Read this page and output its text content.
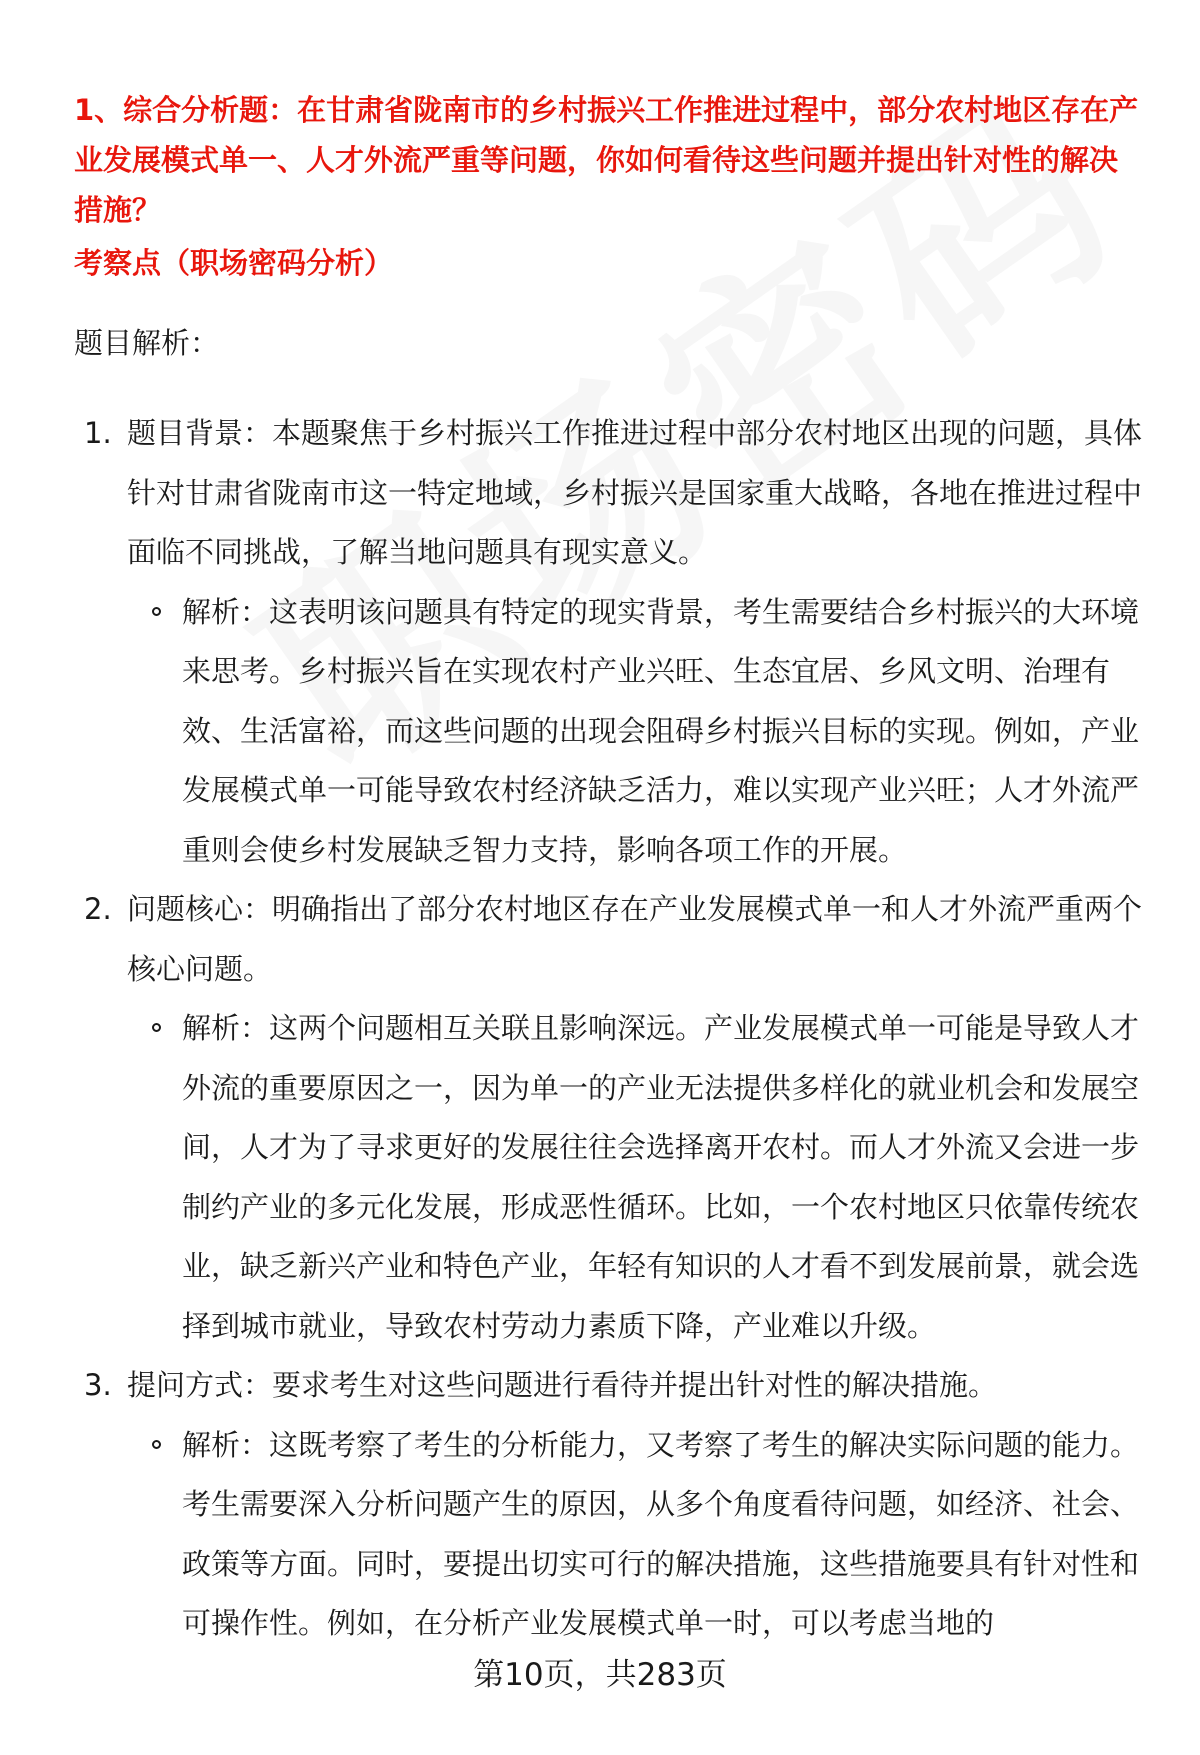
1、综合分析题：在甘肃省陇南市的乡村振兴工作推进过程中，部分农村地区存在产业发展模式单一、人才外流严重等问题，你如何看待这些问题并提出针对性的解决措施？
考察点（职场密码分析）
题目解析：
1. 题目背景：本题聚焦于乡村振兴工作推进过程中部分农村地区出现的问题，具体针对甘肃省陇南市这一特定地域，乡村振兴是国家重大战略，各地在推进过程中面临不同挑战，了解当地问题具有现实意义。
解析：这表明该问题具有特定的现实背景，考生需要结合乡村振兴的大环境来思考。乡村振兴旨在实现农村产业兴旺、生态宜居、乡风文明、治理有效、生活富裕，而这些问题的出现会阻碍乡村振兴目标的实现。例如，产业发展模式单一可能导致农村经济缺乏活力，难以实现产业兴旺；人才外流严重则会使乡村发展缺乏智力支持，影响各项工作的开展。
2. 问题核心：明确指出了部分农村地区存在产业发展模式单一和人才外流严重两个核心问题。
解析：这两个问题相互关联且影响深远。产业发展模式单一可能是导致人才外流的重要原因之一，因为单一的产业无法提供多样化的就业机会和发展空间，人才为了寻求更好的发展往往会选择离开农村。而人才外流又会进一步制约产业的多元化发展，形成恶性循环。比如，一个农村地区只依靠传统农业，缺乏新兴产业和特色产业，年轻有知识的人才看不到发展前景，就会选择到城市就业，导致农村劳动力素质下降，产业难以升级。
3. 提问方式：要求考生对这些问题进行看待并提出针对性的解决措施。
解析：这既考察了考生的分析能力，又考察了考生的解决实际问题的能力。考生需要深入分析问题产生的原因，从多个角度看待问题，如经济、社会、政策等方面。同时，要提出切实可行的解决措施，这些措施要具有针对性和可操作性。例如，在分析产业发展模式单一时，可以考虑当地的
第10页，共283页
